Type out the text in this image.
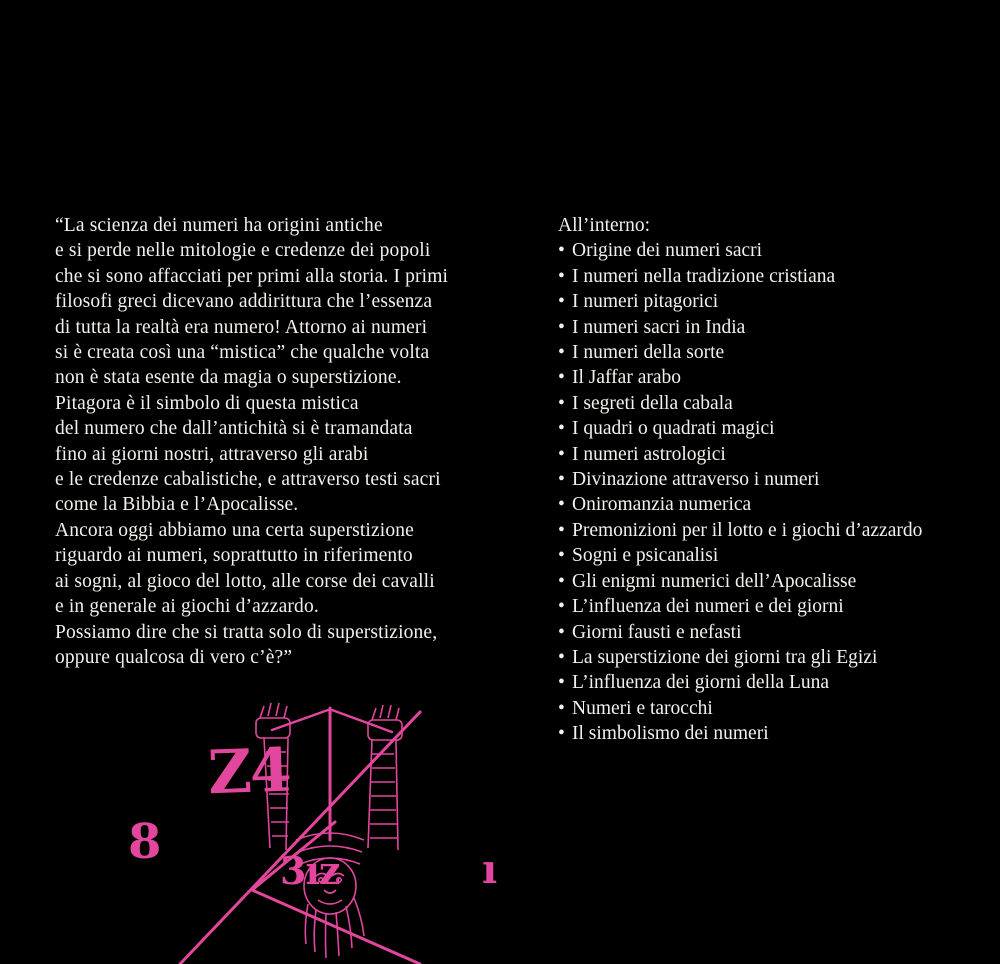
“La scienza dei numeri ha origini antiche
e si perde nelle mitologie e credenze dei popoli
che si sono affacciati per primi alla storia. I primi
filosofi greci dicevano addirittura che l’essenza
di tutta la realtà era numero! Attorno ai numeri
si è creata così una “mistica” che qualche volta
non è stata esente da magia o superstizione.
Pitagora è il simbolo di questa mistica
del numero che dall’antichità si è tramandata
fino ai giorni nostri, attraverso gli arabi
e le credenze cabalistiche, e attraverso testi sacri
come la Bibbia e l’Apocalisse.
Ancora oggi abbiamo una certa superstizione
riguardo ai numeri, soprattutto in riferimento
ai sogni, al gioco del lotto, alle corse dei cavalli
e in generale ai giochi d’azzardo.
Possiamo dire che si tratta solo di superstizione,
oppure qualcosa di vero c’è?”
All’interno:
• Origine dei numeri sacri
• I numeri nella tradizione cristiana
• I numeri pitagorici
• I numeri sacri in India
• I numeri della sorte
• Il Jaffar arabo
• I segreti della cabala
• I quadri o quadrati magici
• I numeri astrologici
• Divinazione attraverso i numeri
• Oniromanzia numerica
• Premonizioni per il lotto e i giochi d’azzardo
• Sogni e psicanalisi
• Gli enigmi numerici dell’Apocalisse
• L’influenza dei numeri e dei giorni
• Giorni fausti e nefasti
• La superstizione dei giorni tra gli Egizi
• L’influenza dei giorni della Luna
• Numeri e tarocchi
• Il simbolismo dei numeri
Z4
8
3ız	ı
